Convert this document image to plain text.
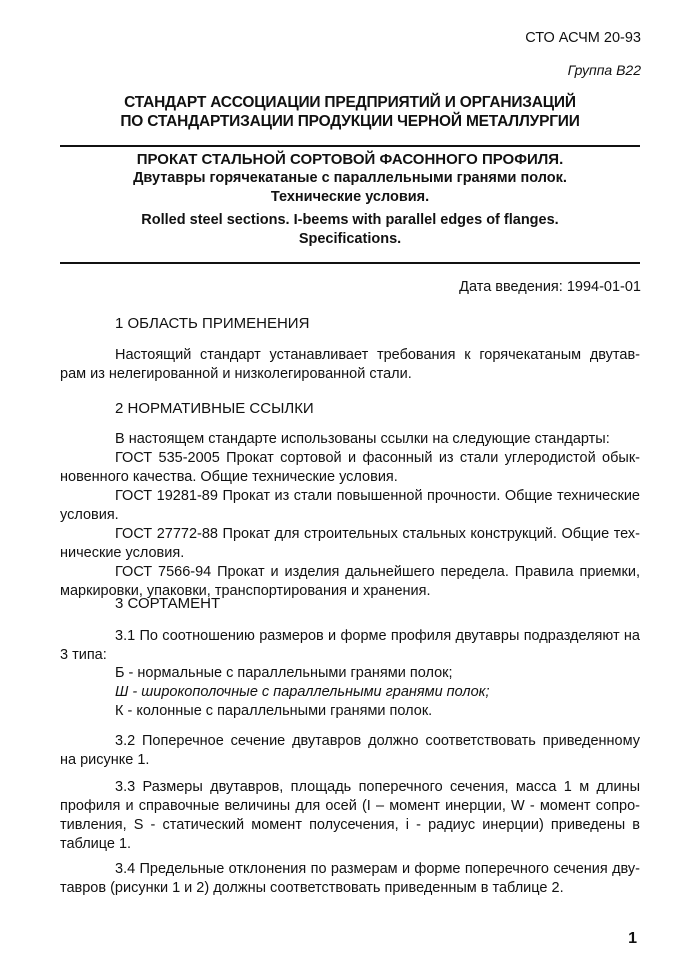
СТО АСЧМ 20-93
Группа В22
СТАНДАРТ АССОЦИАЦИИ ПРЕДПРИЯТИЙ И ОРГАНИЗАЦИЙ
ПО СТАНДАРТИЗАЦИИ ПРОДУКЦИИ ЧЕРНОЙ МЕТАЛЛУРГИИ
ПРОКАТ СТАЛЬНОЙ СОРТОВОЙ ФАСОННОГО ПРОФИЛЯ.
Двутавры горячекатаные с параллельными гранями полок.
Технические условия.
Rolled steel sections. I-beems with parallel edges of flanges.
Specifications.
Дата введения: 1994-01-01
1 ОБЛАСТЬ ПРИМЕНЕНИЯ
Настоящий стандарт устанавливает требования к горячекатаным двутав-
рам из нелегированной и низколегированной стали.
2 НОРМАТИВНЫЕ ССЫЛКИ
В настоящем стандарте использованы ссылки на следующие стандарты:
ГОСТ 535-2005 Прокат сортовой и фасонный из стали углеродистой обык-
новенного качества. Общие технические условия.
ГОСТ 19281-89 Прокат из стали повышенной прочности. Общие технические
условия.
ГОСТ 27772-88 Прокат для строительных стальных конструкций. Общие тех-
нические условия.
ГОСТ 7566-94 Прокат и изделия дальнейшего передела. Правила приемки,
маркировки, упаковки, транспортирования и хранения.
3 СОРТАМЕНТ
3.1 По соотношению размеров и форме профиля двутавры подразделяют на
3 типа:
Б - нормальные с параллельными гранями полок;
Ш - широкополочные с параллельными гранями полок;
К - колонные с параллельными гранями полок.
3.2 Поперечное сечение двутавров должно соответствовать приведенному
на рисунке 1.
3.3 Размеры двутавров, площадь поперечного сечения, масса 1 м длины
профиля и справочные величины для осей (I – момент инерции, W - момент сопро-
тивления, S - статический момент полусечения, i - радиус инерции) приведены в
таблице 1.
3.4 Предельные отклонения по размерам и форме поперечного сечения дву-
тавров (рисунки 1 и 2) должны соответствовать приведенным в таблице 2.
1
